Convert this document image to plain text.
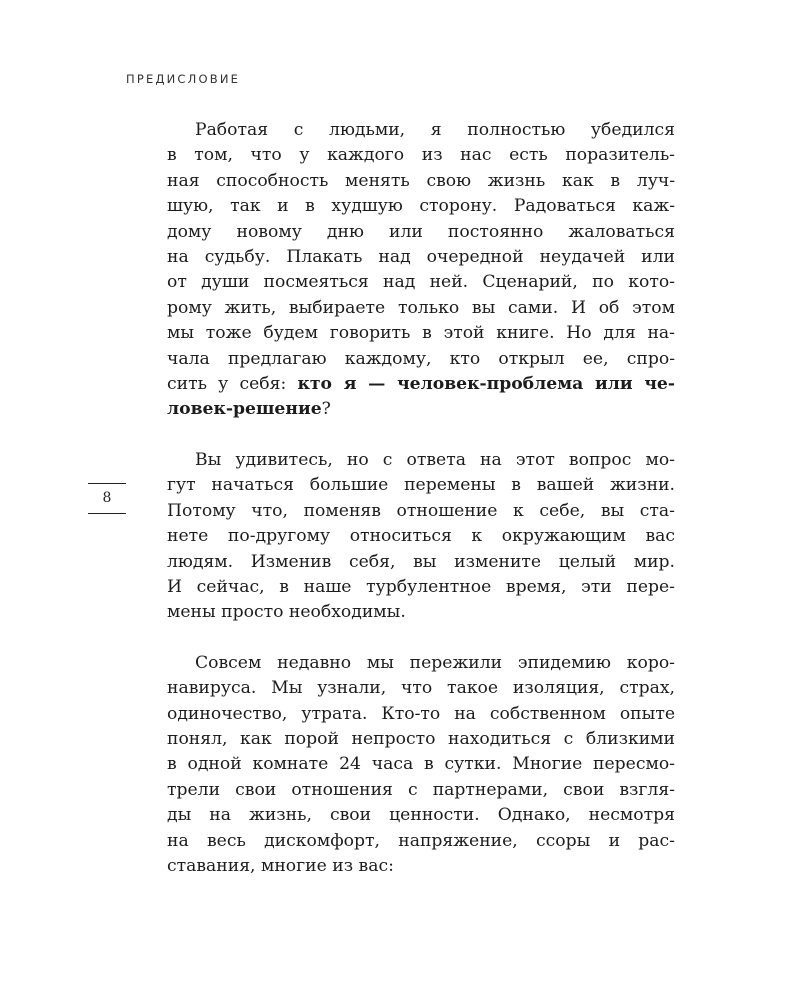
ПРЕДИСЛОВИЕ
8
Работая с людьми, я полностью убедился
в том, что у каждого из нас есть поразитель-
ная способность менять свою жизнь как в луч-
шую, так и в худшую сторону. Радоваться каж-
дому новому дню или постоянно жаловаться
на судьбу. Плакать над очередной неудачей или
от души посмеяться над ней. Сценарий, по кото-
рому жить, выбираете только вы сами. И об этом
мы тоже будем говорить в этой книге. Но для на-
чала предлагаю каждому, кто открыл ее, спро-
сить у себя: кто я — человек-проблема или че-
ловек-решение?
Вы удивитесь, но с ответа на этот вопрос мо-
гут начаться большие перемены в вашей жизни.
Потому что, поменяв отношение к себе, вы ста-
нете по-другому относиться к окружающим вас
людям. Изменив себя, вы измените целый мир.
И сейчас, в наше турбулентное время, эти пере-
мены просто необходимы.
Совсем недавно мы пережили эпидемию коро-
навируса. Мы узнали, что такое изоляция, страх,
одиночество, утрата. Кто-то на собственном опыте
понял, как порой непросто находиться с близкими
в одной комнате 24 часа в сутки. Многие пересмо-
трели свои отношения с партнерами, свои взгля-
ды на жизнь, свои ценности. Однако, несмотря
на весь дискомфорт, напряжение, ссоры и рас-
ставания, многие из вас:
